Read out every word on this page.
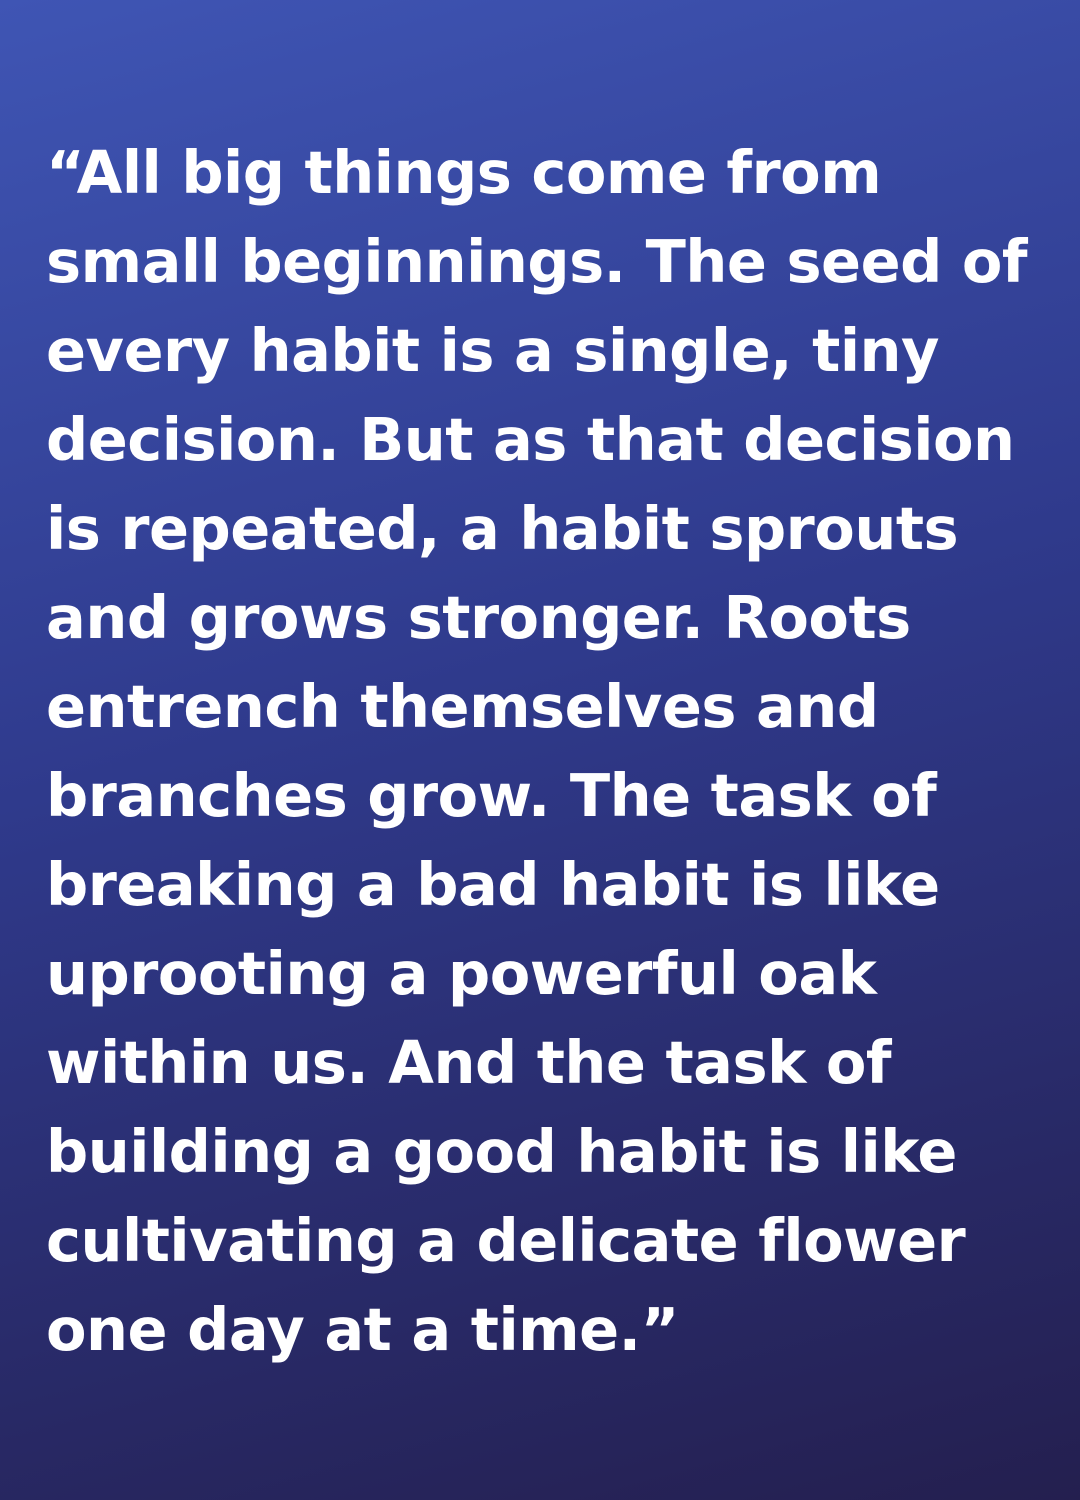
“All big things come from
small beginnings. The seed of
every habit is a single, tiny
decision. But as that decision
is repeated, a habit sprouts
and grows stronger. Roots
entrench themselves and
branches grow. The task of
breaking a bad habit is like
uprooting a powerful oak
within us. And the task of
building a good habit is like
cultivating a delicate flower
one day at a time.”
